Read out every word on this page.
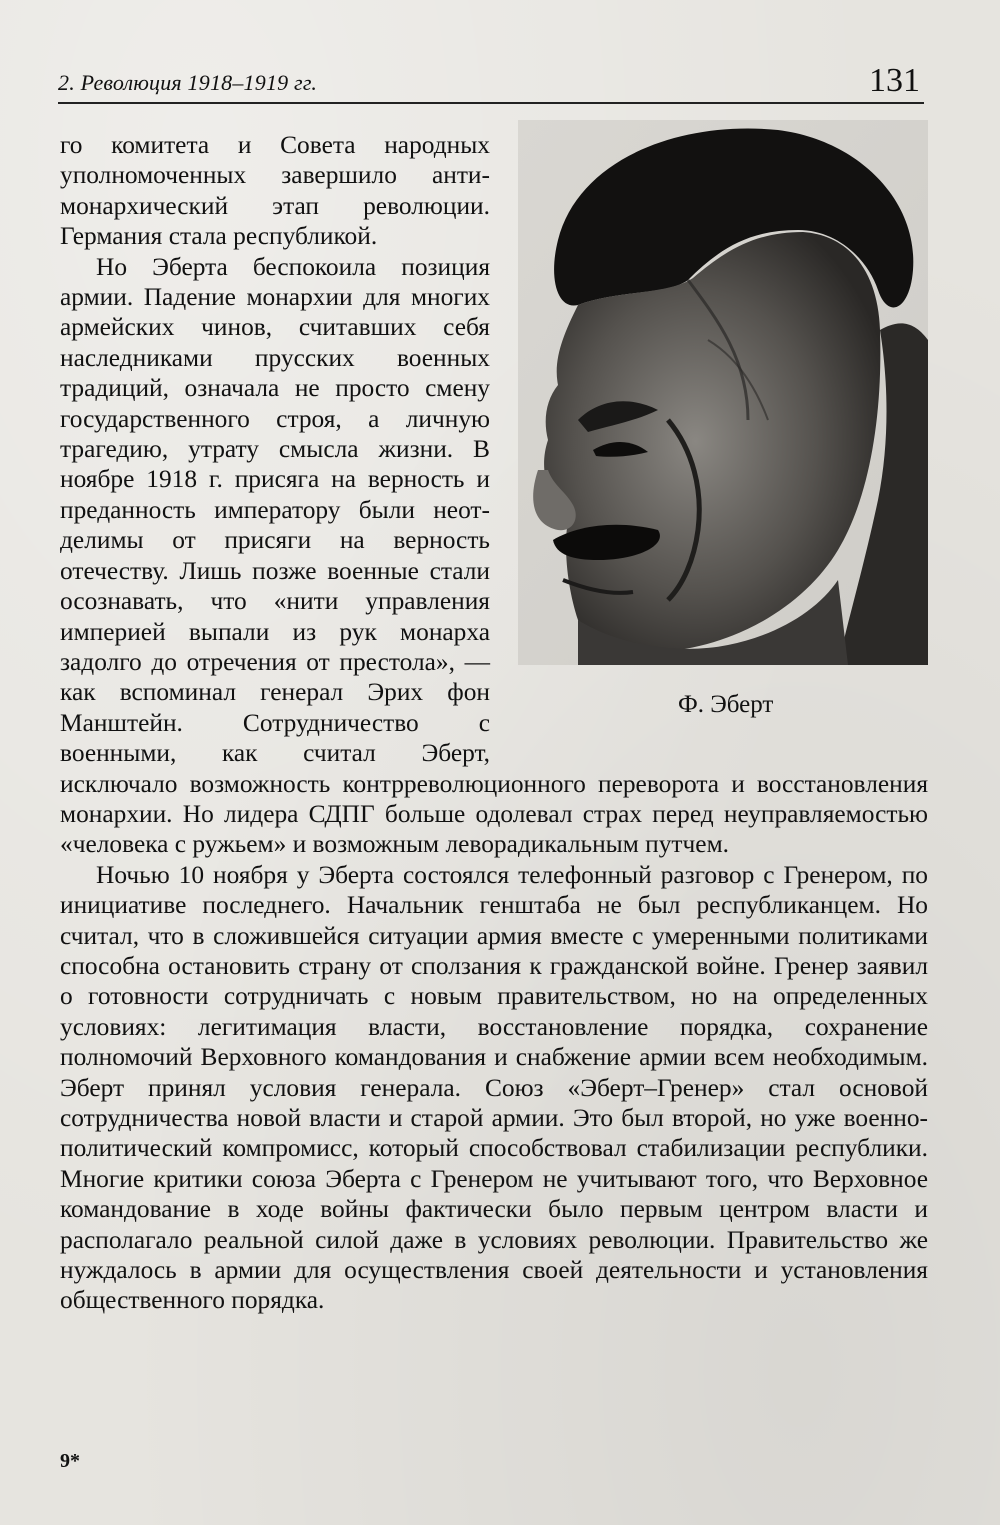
2. Революция 1918–1919 гг.	131
Ф. Эберт

го комитета и Совета народных уполномоченных завершило антимонархический этап революции. Германия стала республикой.

Но Эберта беспокоила позиция армии. Падение монархии для многих армейских чинов, считавших себя наследниками прусских военных традиций, означала не просто смену государственного строя, а личную трагедию, утрату смысла жизни. В ноябре 1918 г. присяга на верность и преданность императору были неотделимы от присяги на верность отечеству. Лишь позже военные стали осознавать, что «нити управления империей выпали из рук монарха задолго до отречения от престола», — как вспоминал генерал Эрих фон Манштейн. Сотрудничество с военными, как считал Эберт, исключало возможность контрреволюционного переворота и восстановления монархии. Но лидера СДПГ больше одолевал страх перед неуправляемостью «человека с ружьем» и возможным леворадикальным путчем.

Ночью 10 ноября у Эберта состоялся телефонный разговор с Гренером, по инициативе последнего. Начальник генштаба не был республиканцем. Но считал, что в сложившейся ситуации армия вместе с умеренными политиками способна остановить страну от сползания к гражданской войне. Гренер заявил о готовности сотрудничать с новым правительством, но на определенных условиях: легитимация власти, восстановление порядка, сохранение полномочий Верховного командования и снабжение армии всем необходимым. Эберт принял условия генерала. Союз «Эберт–Гренер» стал основой сотрудничества новой власти и старой армии. Это был второй, но уже военно-политический компромисс, который способствовал стабилизации республики. Многие критики союза Эберта с Гренером не учитывают того, что Верховное командование в ходе войны фактически было первым центром власти и располагало реальной силой даже в условиях революции. Правительство же нуждалось в армии для осуществления своей деятельности и установления общественного порядка.

9*
